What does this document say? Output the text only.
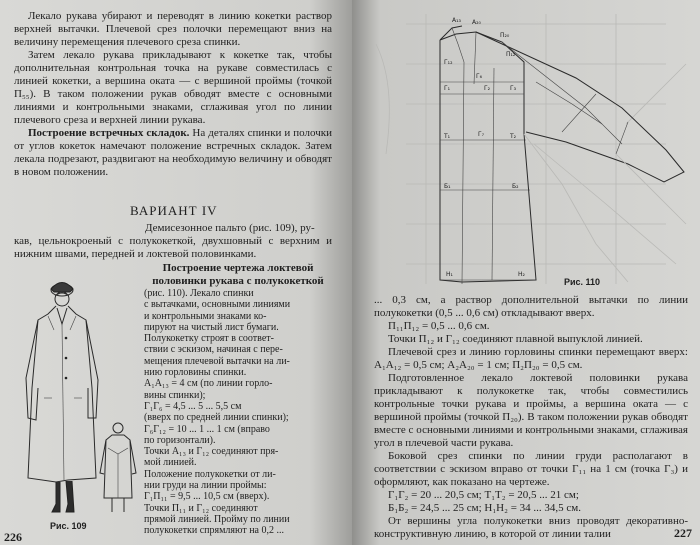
Лекало рукава убирают и переводят в линию кокетки раствор верхней вытачки. Плечевой срез полочки перемещают вниз на величину перемещения плечевого среза спинки.

Затем лекало рукава прикладывают к кокетке так, чтобы дополнительная контрольная точка на рукаве совместилась с линией кокетки, а вершина оката — с вершиной проймы (точкой П₅₅). В таком положении рукав обводят вместе с основными линиями и контрольными знаками, сглаживая угол по линии плечевого среза и верхней линии рукава.

Построение встречных складок. На деталях спинки и полочки от углов кокеток намечают положение встречных складок. Затем лекала подрезают, раздвигают на необходимую величину и обводят в новом положении.

ВАРИАНТ IV
Демисезонное пальто (рис. 109), ру-
кав, цельнокроеный с полукокеткой, двухшовный с верхним и нижним швами, передней и локтевой половинками.
Построение чертежа локтевой половинки рукава с полукокеткой
(рис. 110). Лекало спинки
с вытачками, основными линиями
и контрольными знаками ко-
пируют на чистый лист бумаги.
Полукокетку строят в соответ-
ствии с эскизом, начиная с пере-
мещения плечевой вытачки на ли-
нию горловины спинки.
А₁А₁₃ = 4 см (по линии горло-
вины спинки);
Г₁Г₆ = 4,5 ... 5 ... 5,5 см
(вверх по средней линии спинки);
Г₆Г₁₂ = 10 ... 1 ... 1 см (вправо
по горизонтали).
Точки А₁₃ и Г₁₂ соединяют пря-
мой линией.
Положение полукокетки от ли-
нии груди на линии проймы:
Г₁П₁₁ = 9,5 ... 10,5 см (вверх).
Точки П₁₁ и Г₁₂ соединяют
прямой линией. Пройму по линии
полукокетки спрямляют на 0,2 ...
Рис. 109
226
А₁₃ А₂₀
П₂₀
П₁₂
Г₁₂
Г₆
Г₁	Г₂	Г₃
Г₇
Т₁	Т₂
Б₁	Б₂
Н₁	Н₂
Рис. 110

... 0,3 см, а раствор дополнительной вытачки по линии полукокетки (0,5 ... 0,6 см) откладывают вверх.

П₁₁П₁₂ = 0,5 ... 0,6 см.

Точки П₁₂ и Г₁₂ соединяют плавной выпуклой линией.

Плечевой срез и линию горловины спинки перемещают вверх: А₁А₁₂ = 0,5 см; А₂А₂₀ = 1 см; П₂П₂₀ = 0,5 см.

Подготовленное лекало локтевой половинки рукава прикладывают к полукокетке так, чтобы совместились контрольные точки рукава и проймы, а вершина оката — с вершиной проймы (точкой П₂₀). В таком положении рукав обводят вместе с основными линиями и контрольными знаками, сглаживая угол в плечевой части рукава.

Боковой срез спинки по линии груди располагают в соответствии с эскизом вправо от точки Г₁₁ на 1 см (точка Г₃) и оформляют, как показано на чертеже.

Г₁Г₂ = 20 ... 20,5 см; Т₁Т₂ = 20,5 ... 21 см;

Б₁Б₂ = 24,5 ... 25 см; Н₁Н₂ = 34 ... 34,5 см.

От вершины угла полукокетки вниз проводят декоративно-конструктивную линию, в которой от линии талии	227
